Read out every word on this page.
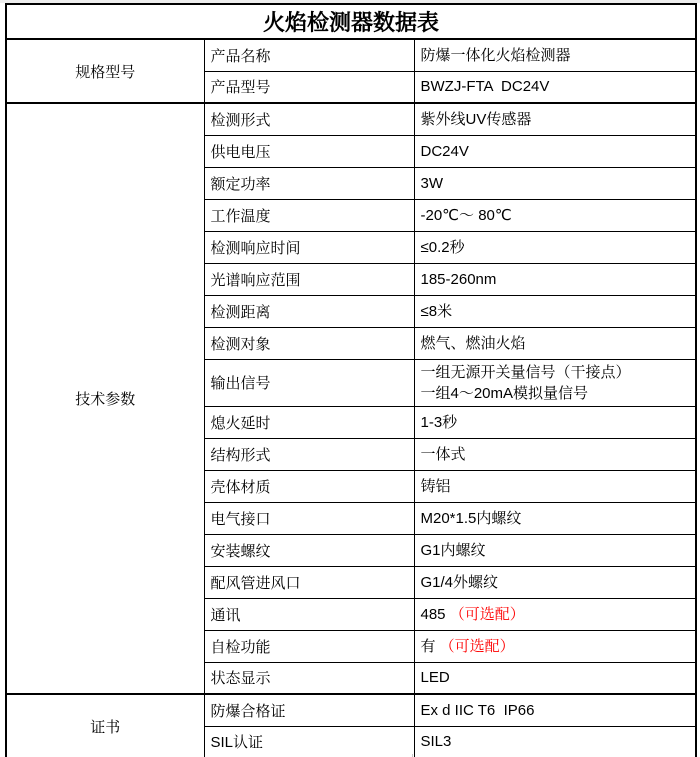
火焰检测器数据表		
规格型号	产品名称	防爆一体化火焰检测器

	产品型号	BWZJ-FTA  DC24V

技术参数	检测形式	紫外线UV传感器

	供电电压	DC24V

	额定功率	3W

	工作温度	-20℃～ 80℃

	检测响应时间	≤0.2秒

	光谱响应范围	185-260nm

	检测距离	≤8米

	检测对象	燃气、燃油火焰

	输出信号	一组无源开关量信号（干接点）
一组4～20mA模拟量信号

	熄火延时	1-3秒

	结构形式	一体式

	壳体材质	铸铝

	电气接口	M20*1.5内螺纹

	安装螺纹	G1内螺纹

	配风管进风口	G1/4外螺纹

	通讯	485 （可选配）

	自检功能	有 （可选配）

	状态显示	LED

证书	防爆合格证	Ex d IIC T6  IP66

	SIL认证	SIL3
